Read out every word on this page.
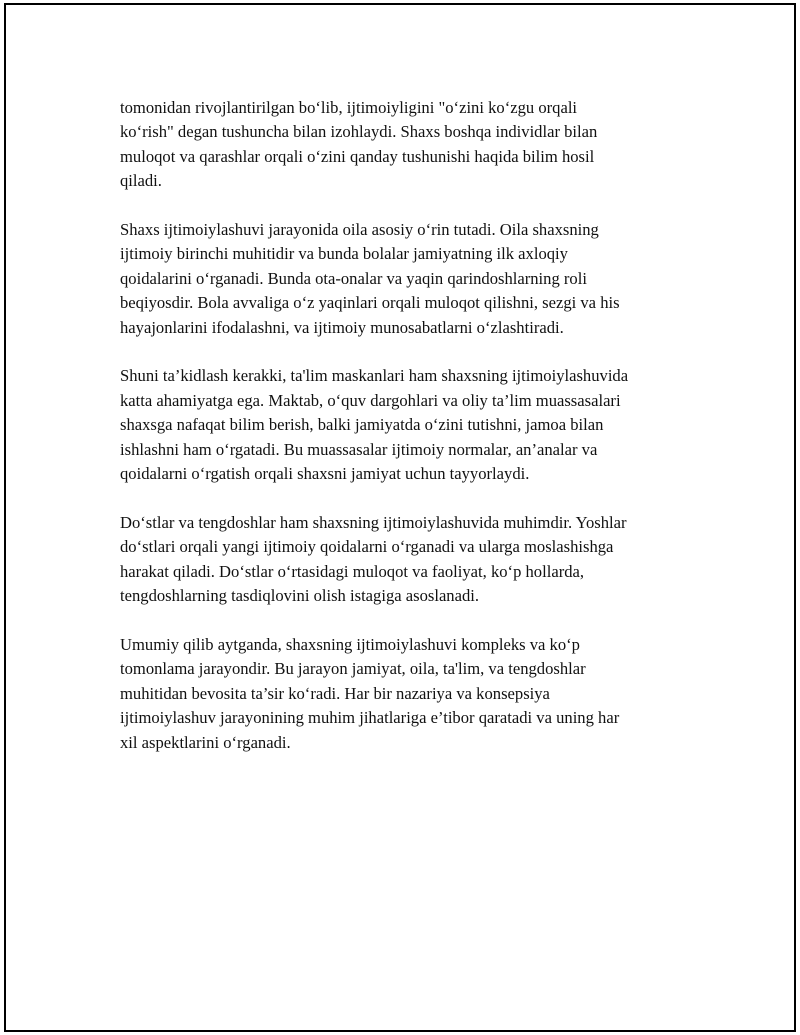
tomonidan rivojlantirilgan bo‘lib, ijtimoiyligini "o‘zini ko‘zgu orqali
ko‘rish" degan tushuncha bilan izohlaydi. Shaxs boshqa individlar bilan
muloqot va qarashlar orqali o‘zini qanday tushunishi haqida bilim hosil
qiladi.

Shaxs ijtimoiylashuvi jarayonida oila asosiy o‘rin tutadi. Oila shaxsning
ijtimoiy birinchi muhitidir va bunda bolalar jamiyatning ilk axloqiy
qoidalarini o‘rganadi. Bunda ota-onalar va yaqin qarindoshlarning roli
beqiyosdir. Bola avvaliga o‘z yaqinlari orqali muloqot qilishni, sezgi va his
hayajonlarini ifodalashni, va ijtimoiy munosabatlarni o‘zlashtiradi.

Shuni ta’kidlash kerakki, ta'lim maskanlari ham shaxsning ijtimoiylashuvida
katta ahamiyatga ega. Maktab, o‘quv dargohlari va oliy ta’lim muassasalari
shaxsga nafaqat bilim berish, balki jamiyatda o‘zini tutishni, jamoa bilan
ishlashni ham o‘rgatadi. Bu muassasalar ijtimoiy normalar, an’analar va
qoidalarni o‘rgatish orqali shaxsni jamiyat uchun tayyorlaydi.

Do‘stlar va tengdoshlar ham shaxsning ijtimoiylashuvida muhimdir. Yoshlar
do‘stlari orqali yangi ijtimoiy qoidalarni o‘rganadi va ularga moslashishga
harakat qiladi. Do‘stlar o‘rtasidagi muloqot va faoliyat, ko‘p hollarda,
tengdoshlarning tasdiqlovini olish istagiga asoslanadi.

Umumiy qilib aytganda, shaxsning ijtimoiylashuvi kompleks va ko‘p
tomonlama jarayondir. Bu jarayon jamiyat, oila, ta'lim, va tengdoshlar
muhitidan bevosita ta’sir ko‘radi. Har bir nazariya va konsepsiya
ijtimoiylashuv jarayonining muhim jihatlariga e’tibor qaratadi va uning har
xil aspektlarini o‘rganadi.
